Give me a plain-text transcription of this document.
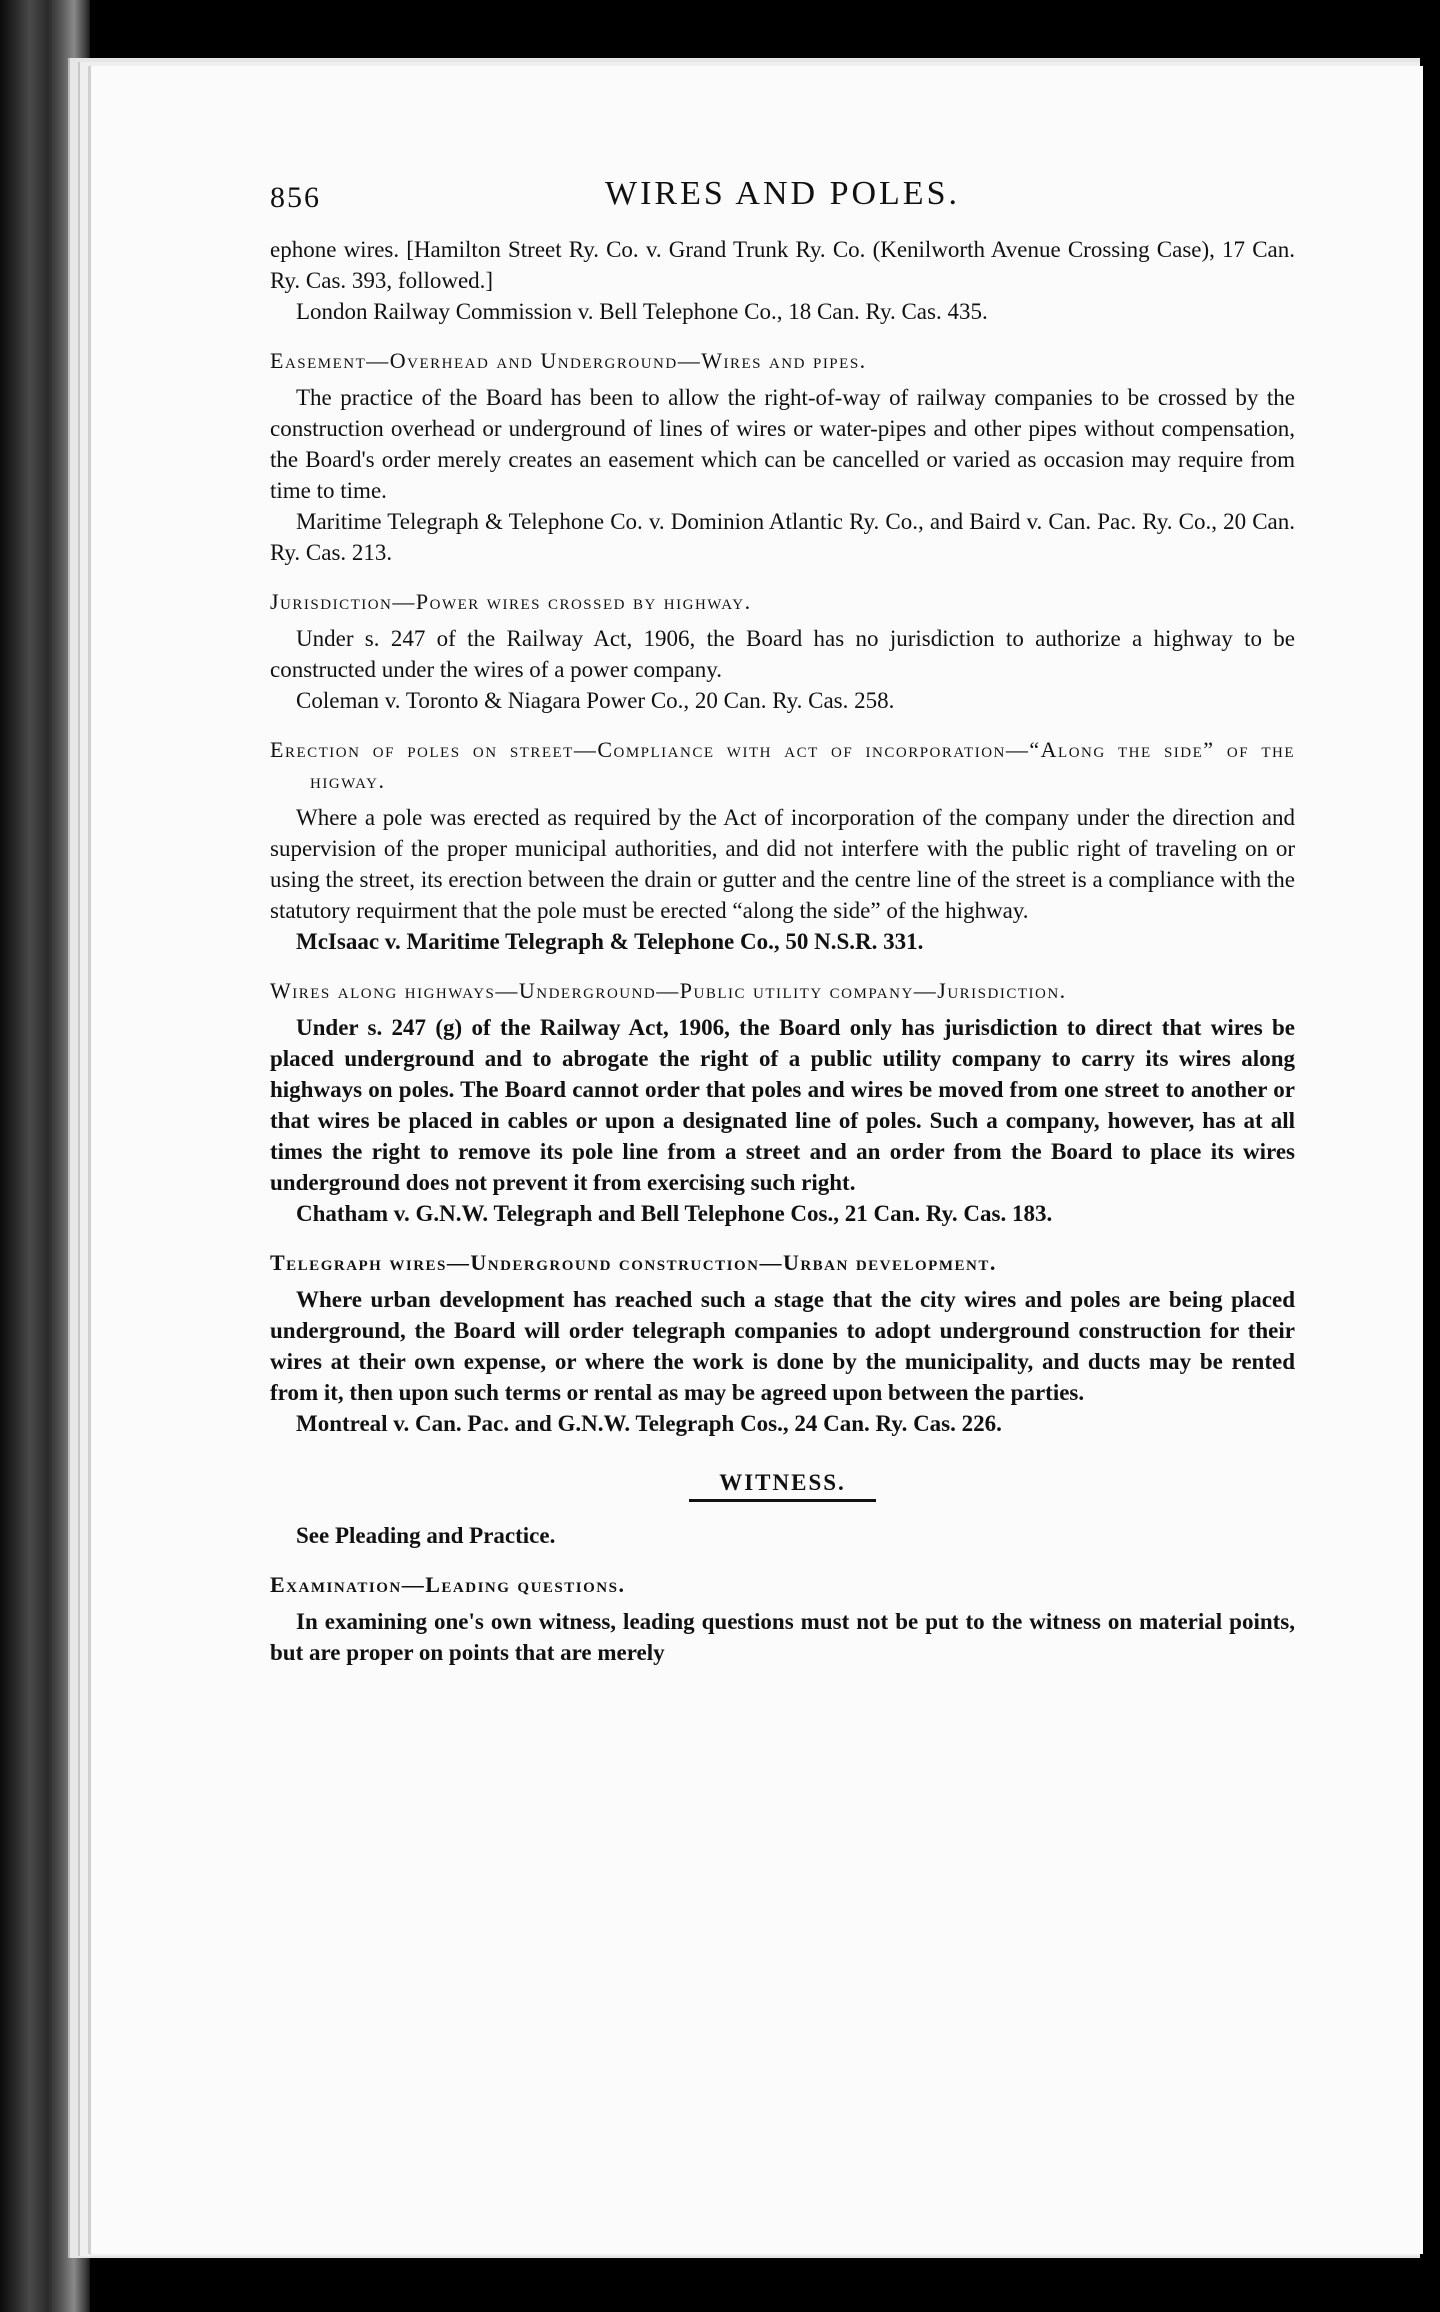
856	WIRES AND POLES.

ephone wires. [Hamilton Street Ry. Co. v. Grand Trunk Ry. Co. (Kenilworth Avenue Crossing Case), 17 Can. Ry. Cas. 393, followed.]

London Railway Commission v. Bell Telephone Co., 18 Can. Ry. Cas. 435.

Easement—Overhead and Underground—Wires and pipes.

The practice of the Board has been to allow the right-of-way of railway companies to be crossed by the construction overhead or underground of lines of wires or water-pipes and other pipes without compensation, the Board's order merely creates an easement which can be cancelled or varied as occasion may require from time to time.

Maritime Telegraph & Telephone Co. v. Dominion Atlantic Ry. Co., and Baird v. Can. Pac. Ry. Co., 20 Can. Ry. Cas. 213.

Jurisdiction—Power wires crossed by highway.

Under s. 247 of the Railway Act, 1906, the Board has no jurisdiction to authorize a highway to be constructed under the wires of a power company.

Coleman v. Toronto & Niagara Power Co., 20 Can. Ry. Cas. 258.

Erection of poles on street—Compliance with act of incorporation—“Along the side” of the higway.

Where a pole was erected as required by the Act of incorporation of the company under the direction and supervision of the proper municipal authorities, and did not interfere with the public right of traveling on or using the street, its erection between the drain or gutter and the centre line of the street is a compliance with the statutory requirment that the pole must be erected “along the side” of the highway.

McIsaac v. Maritime Telegraph & Telephone Co., 50 N.S.R. 331.

Wires along highways—Underground—Public utility company—Jurisdiction.

Under s. 247 (g) of the Railway Act, 1906, the Board only has jurisdiction to direct that wires be placed underground and to abrogate the right of a public utility company to carry its wires along highways on poles. The Board cannot order that poles and wires be moved from one street to another or that wires be placed in cables or upon a designated line of poles. Such a company, however, has at all times the right to remove its pole line from a street and an order from the Board to place its wires underground does not prevent it from exercising such right.

Chatham v. G.N.W. Telegraph and Bell Telephone Cos., 21 Can. Ry. Cas. 183.

Telegraph wires—Underground construction—Urban development.

Where urban development has reached such a stage that the city wires and poles are being placed underground, the Board will order telegraph companies to adopt underground construction for their wires at their own expense, or where the work is done by the municipality, and ducts may be rented from it, then upon such terms or rental as may be agreed upon between the parties.

Montreal v. Can. Pac. and G.N.W. Telegraph Cos., 24 Can. Ry. Cas. 226.

WITNESS.

See Pleading and Practice.

Examination—Leading questions.

In examining one's own witness, leading questions must not be put to the witness on material points, but are proper on points that are merely
